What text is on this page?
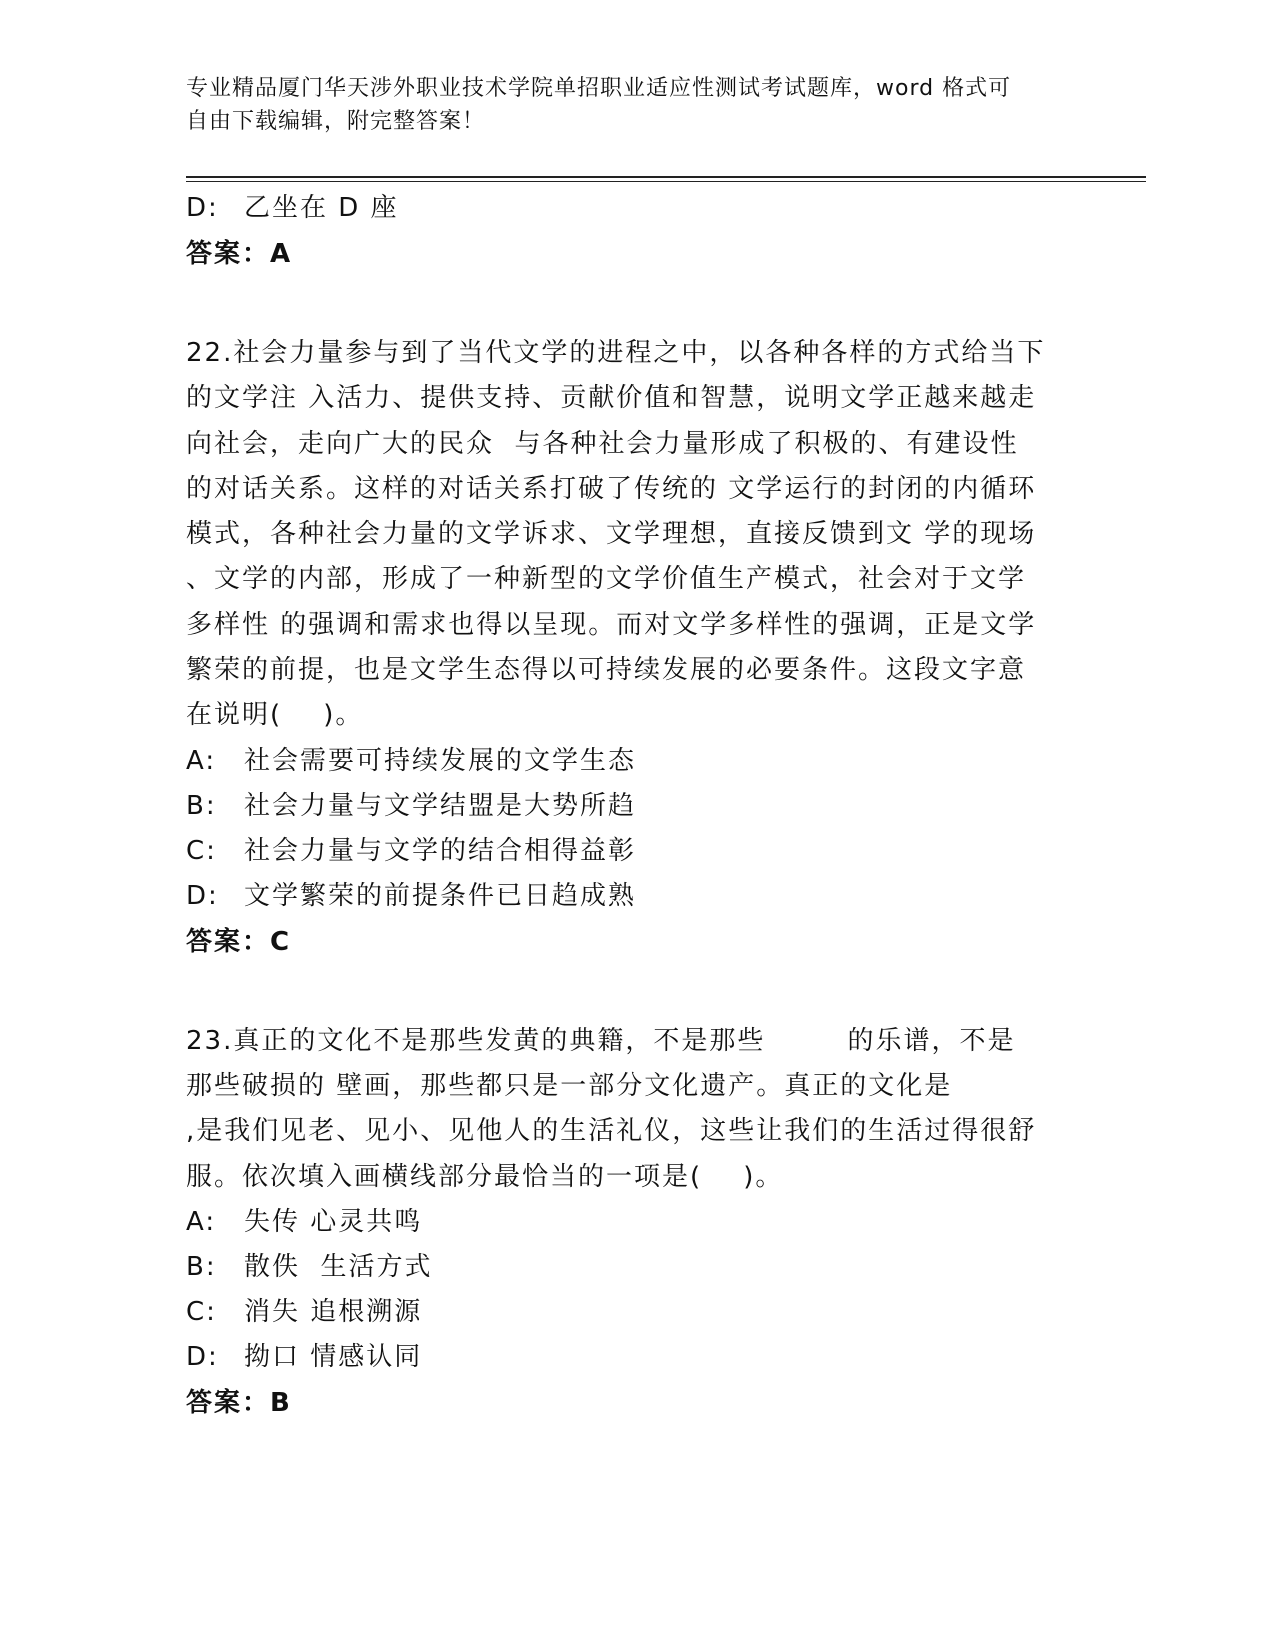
专业精品厦门华天涉外职业技术学院单招职业适应性测试考试题库，word 格式可
自由下载编辑，附完整答案！
D: 乙坐在 D 座
答案：A
22.社会力量参与到了当代文学的进程之中，以各种各样的方式给当下
的文学注 入活力、提供支持、贡献价值和智慧，说明文学正越来越走
向社会，走向广大的民众  与各种社会力量形成了积极的、有建设性
的对话关系。这样的对话关系打破了传统的 文学运行的封闭的内循环
模式，各种社会力量的文学诉求、文学理想，直接反馈到文 学的现场
、文学的内部，形成了一种新型的文学价值生产模式，社会对于文学
多样性 的强调和需求也得以呈现。而对文学多样性的强调，正是文学
繁荣的前提，也是文学生态得以可持续发展的必要条件。这段文字意
在说明(    )。
A: 社会需要可持续发展的文学生态
B: 社会力量与文学结盟是大势所趋
C: 社会力量与文学的结合相得益彰
D: 文学繁荣的前提条件已日趋成熟
答案：C
23.真正的文化不是那些发黄的典籍，不是那些        的乐谱，不是
那些破损的 壁画，那些都只是一部分文化遗产。真正的文化是
,是我们见老、见小、见他人的生活礼仪，这些让我们的生活过得很舒
服。依次填入画横线部分最恰当的一项是(    )。
A: 失传 心灵共鸣
B: 散佚  生活方式
C: 消失 追根溯源
D: 拗口 情感认同
答案：B
